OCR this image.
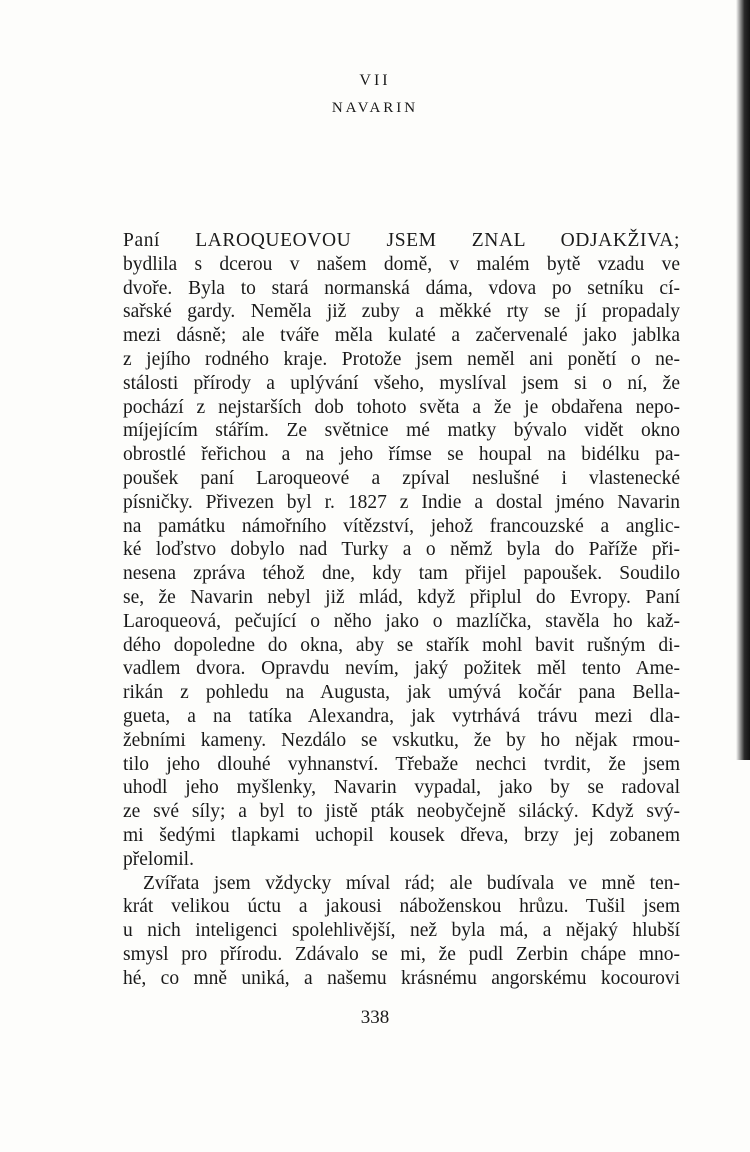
VII
NAVARIN
Paní LAROQUEOVOU JSEM ZNAL ODJAKŽIVA;
bydlila s dcerou v našem domě, v malém bytě vzadu ve
dvoře. Byla to stará normanská dáma, vdova po setníku cí-
sařské gardy. Neměla již zuby a měkké rty se jí propadaly
mezi dásně; ale tváře měla kulaté a začervenalé jako jablka
z jejího rodného kraje. Protože jsem neměl ani ponětí o ne-
stálosti přírody a uplývání všeho, myslíval jsem si o ní, že
pochází z nejstarších dob tohoto světa a že je obdařena nepo-
míjejícím stářím. Ze světnice mé matky bývalo vidět okno
obrostlé řeřichou a na jeho římse se houpal na bidélku pa-
poušek paní Laroqueové a zpíval neslušné i vlastenecké
písničky. Přivezen byl r. 1827 z Indie a dostal jméno Navarin
na památku námořního vítězství, jehož francouzské a anglic-
ké loďstvo dobylo nad Turky a o němž byla do Paříže při-
nesena zpráva téhož dne, kdy tam přijel papoušek. Soudilo
se, že Navarin nebyl již mlád, když připlul do Evropy. Paní
Laroqueová, pečující o něho jako o mazlíčka, stavěla ho kaž-
dého dopoledne do okna, aby se stařík mohl bavit rušným di-
vadlem dvora. Opravdu nevím, jaký požitek měl tento Ame-
rikán z pohledu na Augusta, jak umývá kočár pana Bella-
gueta, a na tatíka Alexandra, jak vytrhává trávu mezi dla-
žebními kameny. Nezdálo se vskutku, že by ho nějak rmou-
tilo jeho dlouhé vyhnanství. Třebaže nechci tvrdit, že jsem
uhodl jeho myšlenky, Navarin vypadal, jako by se radoval
ze své síly; a byl to jistě pták neobyčejně silácký. Když svý-
mi šedými tlapkami uchopil kousek dřeva, brzy jej zobanem
přelomil.
Zvířata jsem vždycky míval rád; ale budívala ve mně ten-
krát velikou úctu a jakousi náboženskou hrůzu. Tušil jsem
u nich inteligenci spolehlivější, než byla má, a nějaký hlubší
smysl pro přírodu. Zdávalo se mi, že pudl Zerbin chápe mno-
hé, co mně uniká, a našemu krásnému angorskému kocourovi
338
